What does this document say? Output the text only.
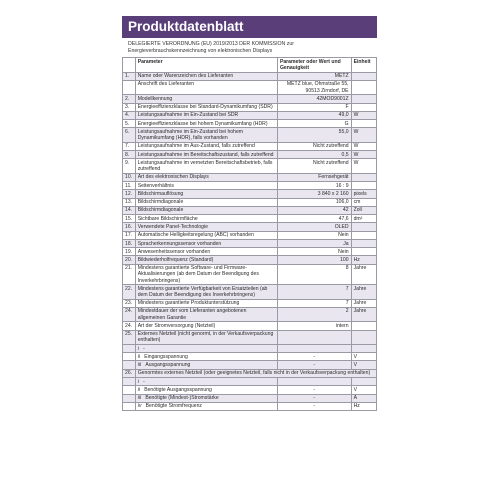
Produktdatenblatt
DELEGIERTE VERORDNUNG (EU) 2019/2013 DER KOMMISSION zur Energieverbrauchskennzeichnung von elektronischen Displays
	Parameter	Parameter oder Wert und Genauigkeit	Einheit
1.	Name oder Warenzeichen des Lieferanten	METZ	
	Anschrift des Lieferanten	METZ blue, Ohmstraße 55, 90513 Zirndorf, DE	
2.	Modellkennung	42MOD9001Z	
3.	Energieeffizienzklasse bei Standard-Dynamikumfang (SDR)	F	
4.	Leistungsaufnahme im Ein-Zustand bei SDR	49,0	W
5.	Energieeffizienzklasse bei hohem Dynamikumfang (HDR)	G	
6.	Leistungsaufnahme im Ein-Zustand bei hohem Dynamikumfang (HDR), falls vorhanden	55,0	W
7.	Leistungsaufnahme im Aus-Zustand, falls zutreffend	Nicht zutreffend	W
8.	Leistungsaufnahme im Bereitschaftszustand, falls zutreffend	0,5	W
9.	Leistungsaufnahme im vernetzten Bereitschaftsbetrieb, falls zutreffend	Nicht zutreffend	W
10.	Art des elektronischen Displays	Fernsehgerät	
11.	Seitenverhältnis	16 : 9	
12.	Bildschirmauflösung	3 840 x 2 160	pixels
13.	Bildschirmdiagonale	106,0	cm
14.	Bildschirmdiagonale	42	Zoll
15.	Sichtbare Bildschirmfläche	47,6	dm²
16.	Verwendete Panel-Technologie	OLED	
17.	Automatische Helligkeitsregelung (ABC) vorhanden	Nein	
18.	Spracherkennungssensor vorhanden	Ja	
19.	Anwesenheitssensor vorhanden	Nein	
20.	Bildwiederholfrequenz (Standard)	100	Hz
21.	Mindestens garantierte Software- und Firmware-Aktualisierungen (ab dem Datum der Beendigung des Inverkehrbringens)	8	Jahre
22.	Mindestens garantierte Verfügbarkeit von Ersatzteilen (ab dem Datum der Beendigung des Inverkehrbringens)	7	Jahre
23.	Mindestens garantierte Produktunterstützung	7	Jahre
24.	Mindestdauer der vom Lieferanten angebotenen allgemeinen Garantie	2	Jahre
24.	Art der Stromversorgung (Netzteil)	intern	
25.	Externes Netzteil (nicht genormt, in der Verkaufsverpackung enthalten)		
	i   -		
	ii   Eingangsspannung	-	V
	iii   Ausgangsspannung	-	V
26.	Genormtes externes Netzteil (oder geeignetes Netzteil, falls nicht in der Verkaufsverpackung enthalten)		
	i   -		
	ii   Benötigte Ausgangsspannung	-	V
	iii   Benötigte (Mindest-)Stromstärke	-	A
	iv   Benötigte Stromfrequenz	-	Hz
